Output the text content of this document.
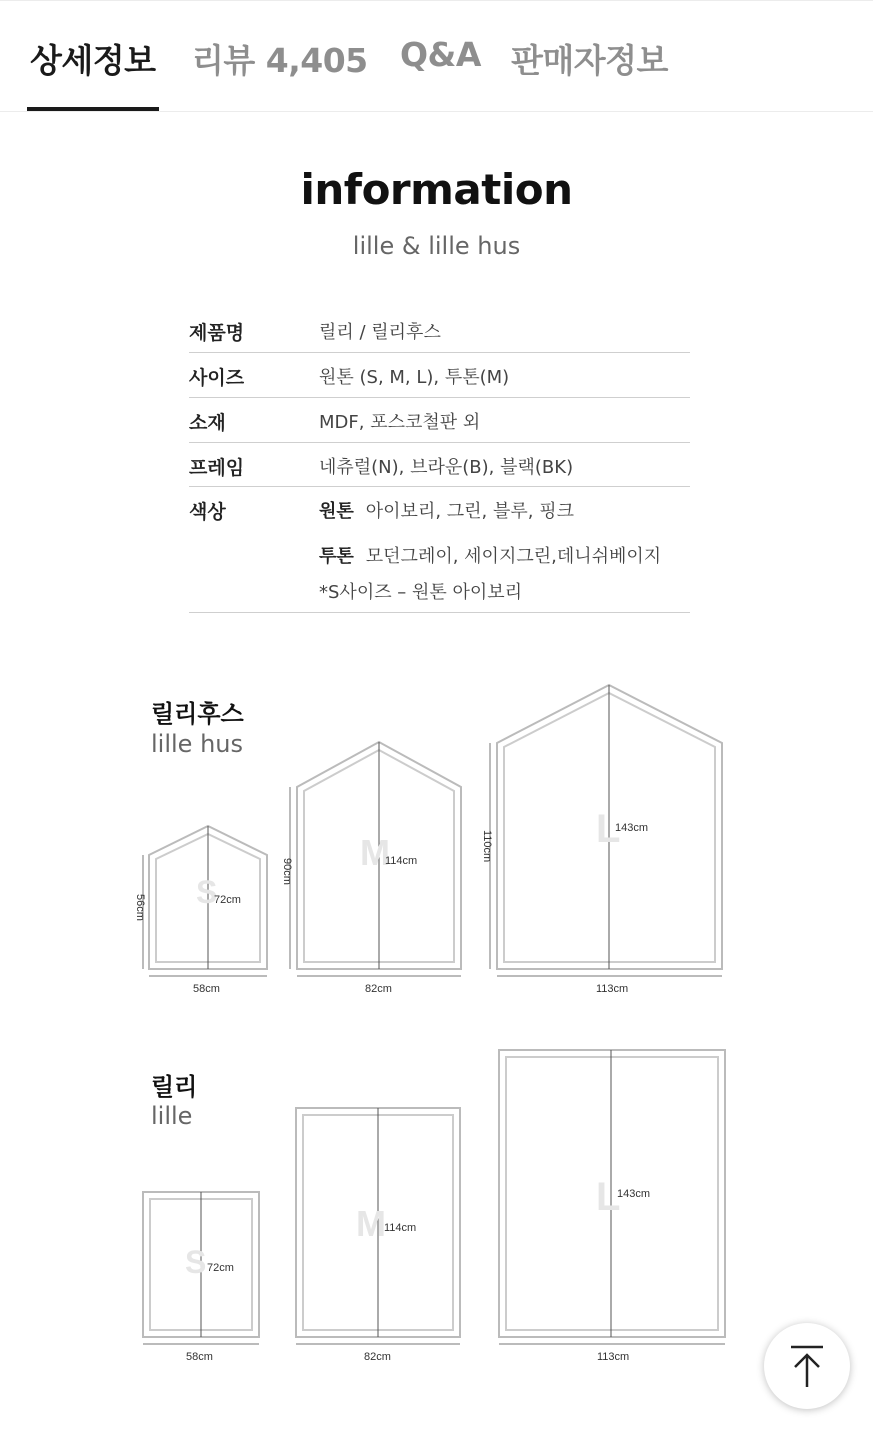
상세정보 리뷰 4,405 Q&A 판매자정보
information
lille & lille hus
제품명	릴리 / 릴리후스
사이즈	원톤 (S, M, L), 투톤(M)
소재	MDF, 포스코철판 외
프레임	네츄럴(N), 브라운(B), 블랙(BK)
색상	원톤 아이보리, 그린, 블루, 핑크
투톤 모던그레이, 세이지그린,데니쉬베이지
*S사이즈 – 원톤 아이보리
릴리후스
lille hus
릴리
lille
S
72cm
58cm
56cm
M
114cm
82cm
90cm
L
143cm
113cm
110cm
S 72cm
58cm
M
114cm
82cm
L
143cm
113cm
